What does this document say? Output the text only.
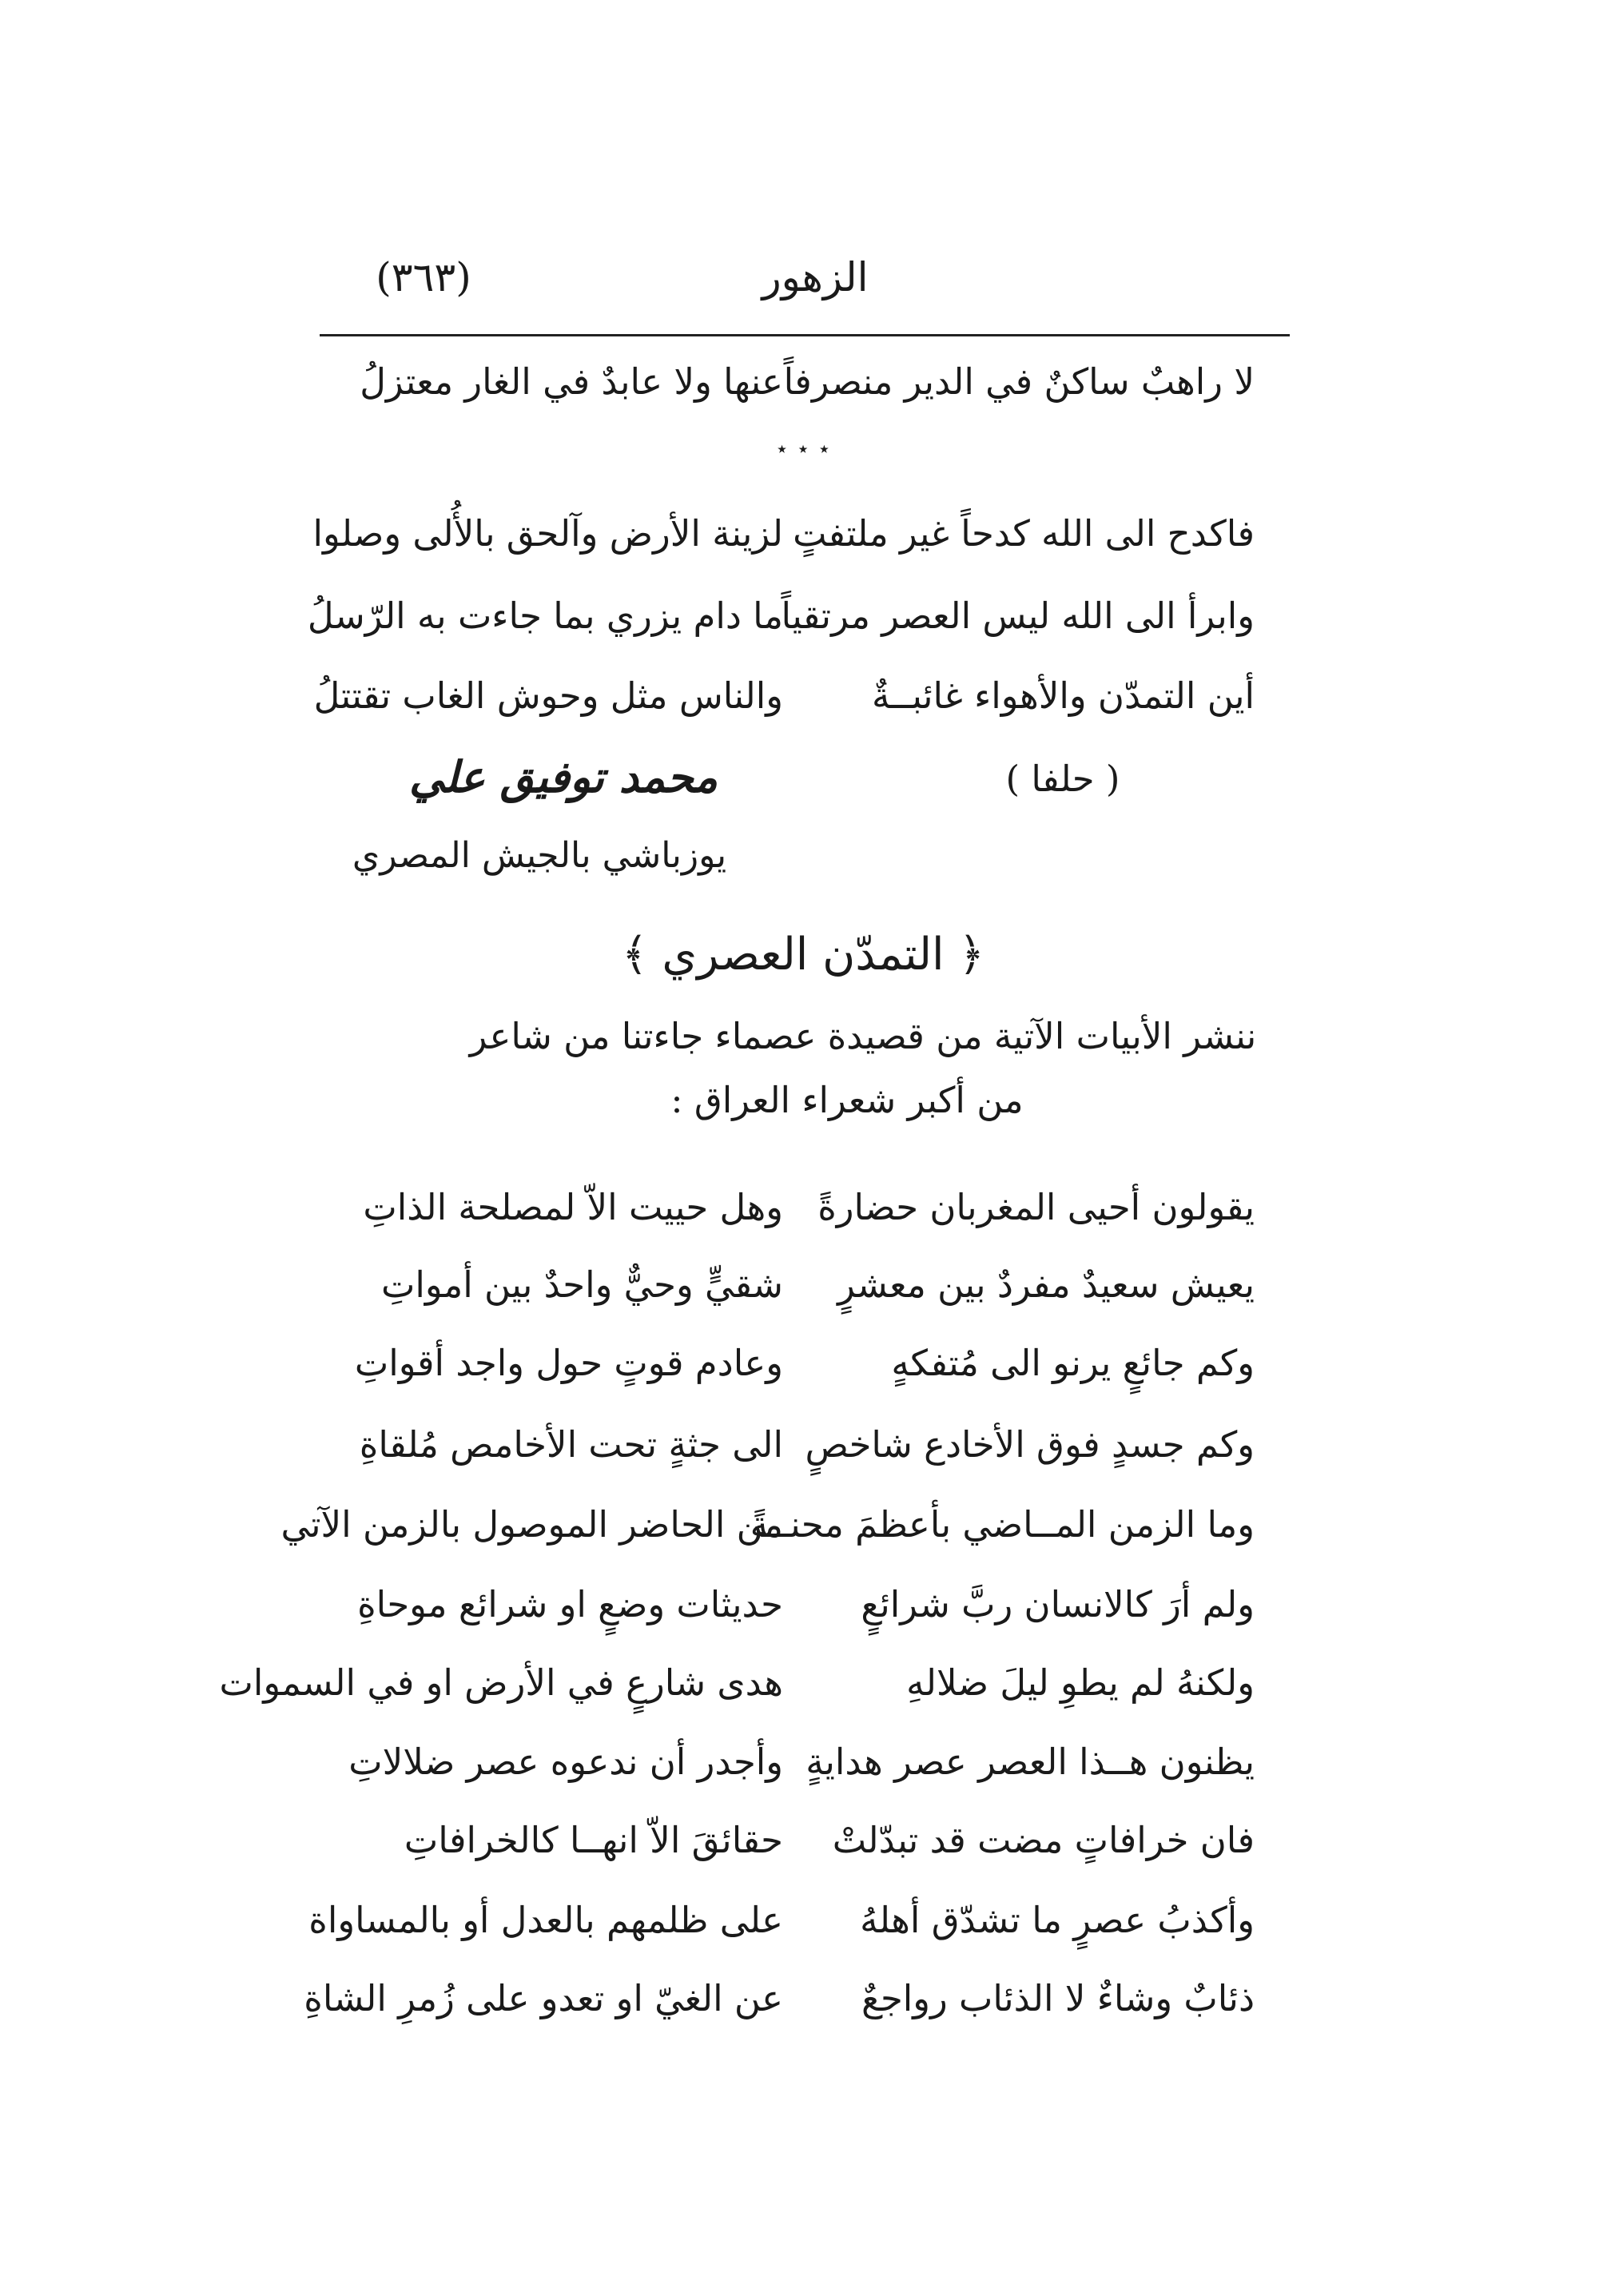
الزهور
(٣٦٣)
لا راهبٌ ساكنٌ في الدير منصرفاً
عنها ولا عابدٌ في الغار معتزلُ
⋆ ⋆ ⋆
فاكدح الى الله كدحاً غير ملتفتٍ
لزينة الأرض وآلحق بالأُلى وصلوا
وابرأ الى الله ليس العصر مرتقياً
ما دام يزري بما جاءت به الرّسلُ
أين التمدّن والأهواء غائبــةٌ
والناس مثل وحوش الغاب تقتتلُ
( حلفا )
محمد توفيق علي
يوزباشي بالجيش المصري
﴿ التمدّن العصري ﴾
ننشر الأبيات الآتية من قصيدة عصماء جاءتنا من شاعر
من أكبر شعراء العراق :
يقولون أحيى المغربان حضارةً
وهل حييت الاّ لمصلحة الذاتِ
يعيش سعيدٌ مفردٌ بين معشرٍ
شقيٍّ وحيٌّ واحدٌ بين أمواتِ
وكم جائعٍ يرنو الى مُتفكهٍ
وعادم قوتٍ حول واجد أقواتِ
وكم جسدٍ فوق الأخادع شاخصٍ
الى جثةٍ تحت الأخامص مُلقاةِ
وما الزمن المــاضي بأعظمَ محنــةً
من الحاضر الموصول بالزمن الآتي
ولم أرَ كالانسان ربَّ شرائعٍ
حديثات وضعٍ او شرائع موحاةِ
ولكنهُ لم يطوِ ليلَ ضلالهِ
هدى شارعٍ في الأرض او في السموات
يظنون هــذا العصر عصر هدايةٍ
وأجدر أن ندعوه عصر ضلالاتِ
فان خرافاتٍ مضت قد تبدّلتْ
حقائقَ الاّ انهــا كالخرافاتِ
وأكذبُ عصرٍ ما تشدّق أهلهُ
على ظلمهم بالعدل أو بالمساواة
ذئابٌ وشاءٌ لا الذئاب رواجعٌ
عن الغيّ او تعدو على زُمرِ الشاةِ
